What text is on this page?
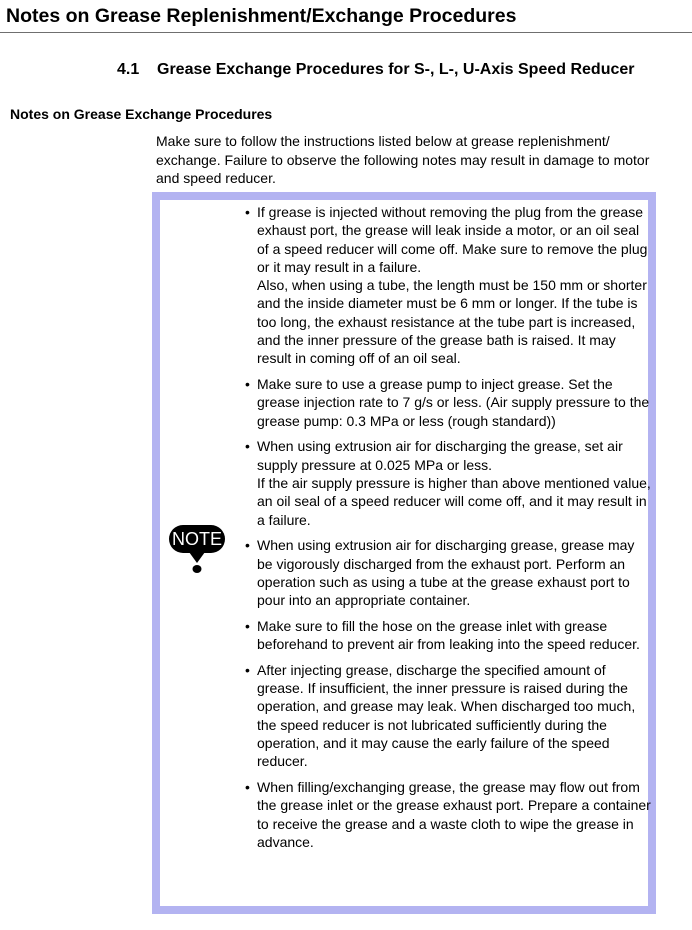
Notes on Grease Replenishment/Exchange Procedures
4.1 Grease Exchange Procedures for S-, L-, U-Axis Speed Reducer
Notes on Grease Exchange Procedures

Make sure to follow the instructions listed below at grease replenishment/ exchange. Failure to observe the following notes may result in damage to motor and speed reducer.

NOTE
• If grease is injected without removing the plug from the grease exhaust port, the grease will leak inside a motor, or an oil seal of a speed reducer will come off. Make sure to remove the plug or it may result in a failure.

Also, when using a tube, the length must be 150 mm or shorter and the inside diameter must be 6 mm or longer. If the tube is too long, the exhaust resistance at the tube part is increased, and the inner pressure of the grease bath is raised. It may result in coming off of an oil seal.

• Make sure to use a grease pump to inject grease. Set the grease injection rate to 7 g/s or less. (Air supply pressure to the grease pump: 0.3 MPa or less (rough standard))

• When using extrusion air for discharging the grease, set air supply pressure at 0.025 MPa or less.

If the air supply pressure is higher than above mentioned value, an oil seal of a speed reducer will come off, and it may result in a failure.

• When using extrusion air for discharging grease, grease may be vigorously discharged from the exhaust port. Perform an operation such as using a tube at the grease exhaust port to pour into an appropriate container.

• Make sure to fill the hose on the grease inlet with grease beforehand to prevent air from leaking into the speed reducer.

• After injecting grease, discharge the specified amount of grease. If insufficient, the inner pressure is raised during the operation, and grease may leak. When discharged too much, the speed reducer is not lubricated sufficiently during the operation, and it may cause the early failure of the speed reducer.

• When filling/exchanging grease, the grease may flow out from the grease inlet or the grease exhaust port. Prepare a container to receive the grease and a waste cloth to wipe the grease in advance.
